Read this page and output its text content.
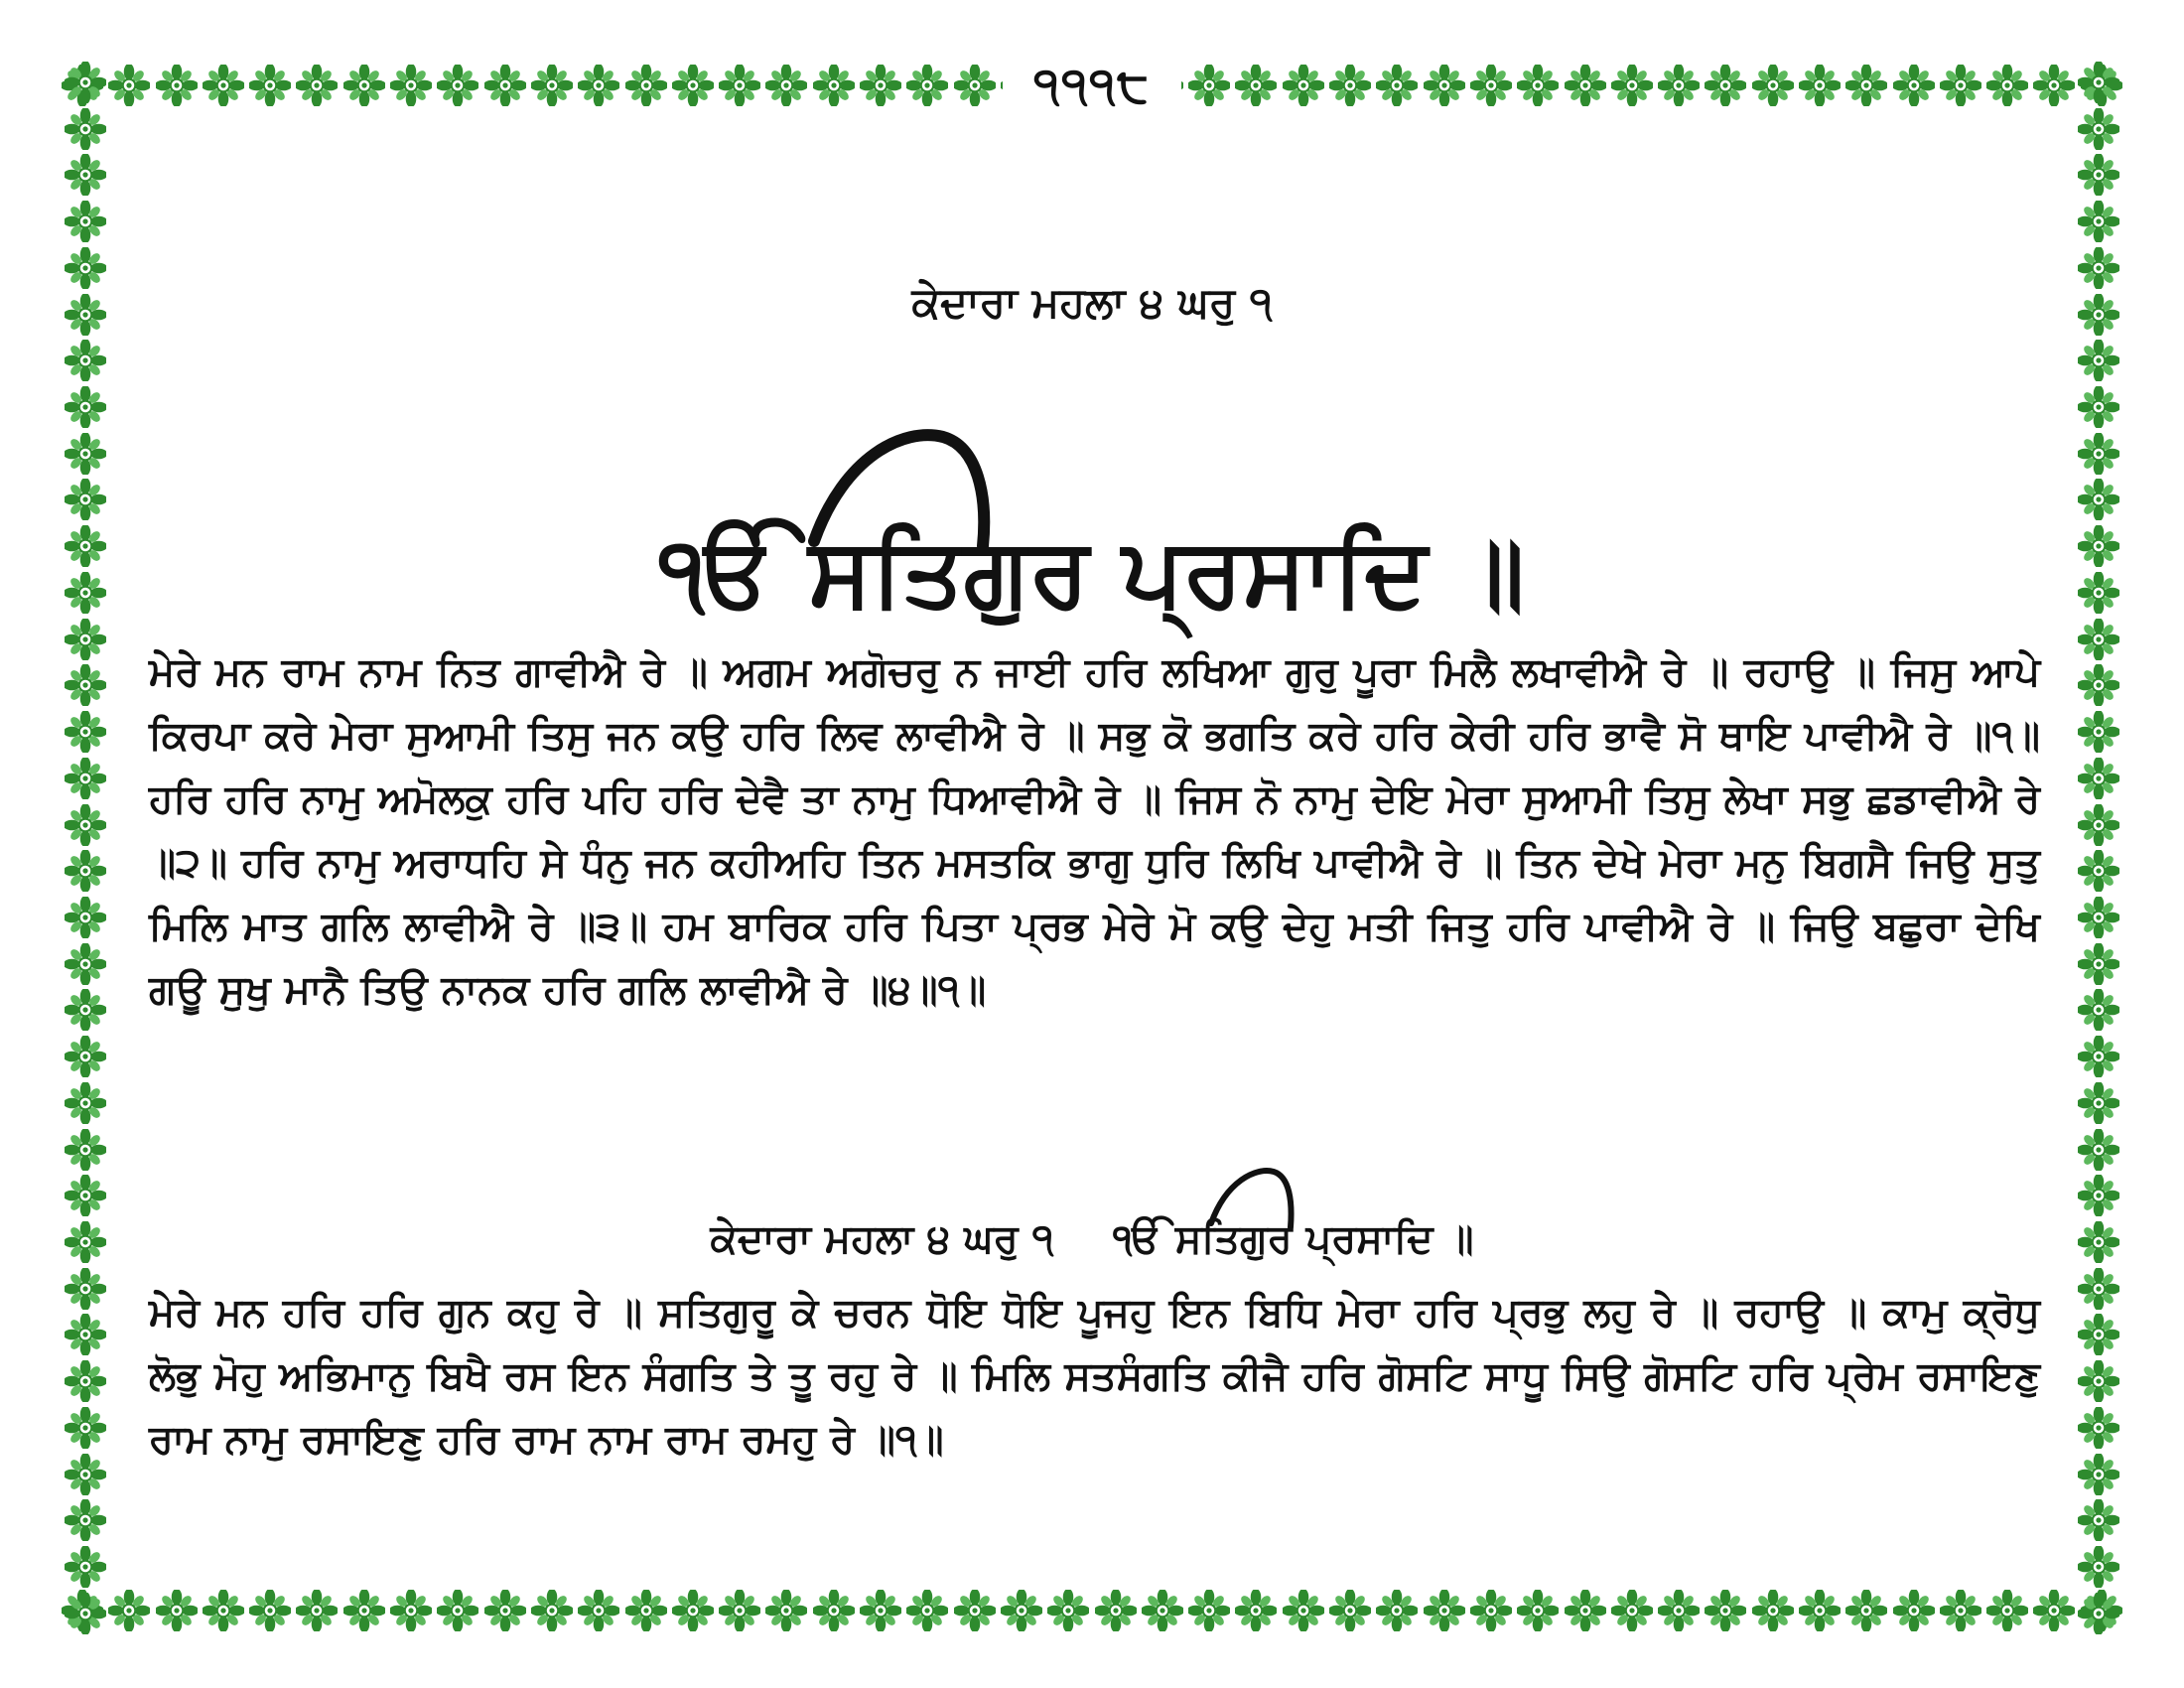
੧੧੧੮
ਕੇਦਾਰਾ ਮਹਲਾ ੪ ਘਰੁ ੧
ੴ ਸਤਿਗੁਰ ਪ੍ਰਸਾਦਿ ॥
ਮੇਰੇ ਮਨ ਰਾਮ ਨਾਮ ਨਿਤ ਗਾਵੀਐ ਰੇ ॥ ਅਗਮ ਅਗੋਚਰੁ ਨ ਜਾਈ ਹਰਿ ਲਖਿਆ ਗੁਰੁ ਪੂਰਾ ਮਿਲੈ ਲਖਾਵੀਐ ਰੇ ॥ ਰਹਾਉ ॥ ਜਿਸੁ ਆਪੇ ਕਿਰਪਾ ਕਰੇ ਮੇਰਾ ਸੁਆਮੀ ਤਿਸੁ ਜਨ ਕਉ ਹਰਿ ਲਿਵ ਲਾਵੀਐ ਰੇ ॥ ਸਭੁ ਕੋ ਭਗਤਿ ਕਰੇ ਹਰਿ ਕੇਰੀ ਹਰਿ ਭਾਵੈ ਸੋ ਥਾਇ ਪਾਵੀਐ ਰੇ ॥੧॥ ਹਰਿ ਹਰਿ ਨਾਮੁ ਅਮੋਲਕੁ ਹਰਿ ਪਹਿ ਹਰਿ ਦੇਵੈ ਤਾ ਨਾਮੁ ਧਿਆਵੀਐ ਰੇ ॥ ਜਿਸ ਨੋ ਨਾਮੁ ਦੇਇ ਮੇਰਾ ਸੁਆਮੀ ਤਿਸੁ ਲੇਖਾ ਸਭੁ ਛਡਾਵੀਐ ਰੇ ॥੨॥ ਹਰਿ ਨਾਮੁ ਅਰਾਧਹਿ ਸੇ ਧੰਨੁ ਜਨ ਕਹੀਅਹਿ ਤਿਨ ਮਸਤਕਿ ਭਾਗੁ ਧੁਰਿ ਲਿਖਿ ਪਾਵੀਐ ਰੇ ॥ ਤਿਨ ਦੇਖੇ ਮੇਰਾ ਮਨੁ ਬਿਗਸੈ ਜਿਉ ਸੁਤੁ ਮਿਲਿ ਮਾਤ ਗਲਿ ਲਾਵੀਐ ਰੇ ॥੩॥ ਹਮ ਬਾਰਿਕ ਹਰਿ ਪਿਤਾ ਪ੍ਰਭ ਮੇਰੇ ਮੋ ਕਉ ਦੇਹੁ ਮਤੀ ਜਿਤੁ ਹਰਿ ਪਾਵੀਐ ਰੇ ॥ ਜਿਉ ਬਛੁਰਾ ਦੇਖਿ ਗਊ ਸੁਖੁ ਮਾਨੈ ਤਿਉ ਨਾਨਕ ਹਰਿ ਗਲਿ ਲਾਵੀਐ ਰੇ ॥੪॥੧॥
ਕੇਦਾਰਾ ਮਹਲਾ ੪ ਘਰੁ ੧ ੴ ਸਤਿਗੁਰ ਪ੍ਰਸਾਦਿ ॥
ਮੇਰੇ ਮਨ ਹਰਿ ਹਰਿ ਗੁਨ ਕਹੁ ਰੇ ॥ ਸਤਿਗੁਰੂ ਕੇ ਚਰਨ ਧੋਇ ਧੋਇ ਪੂਜਹੁ ਇਨ ਬਿਧਿ ਮੇਰਾ ਹਰਿ ਪ੍ਰਭੁ ਲਹੁ ਰੇ ॥ ਰਹਾਉ ॥ ਕਾਮੁ ਕ੍ਰੋਧੁ ਲੋਭੁ ਮੋਹੁ ਅਭਿਮਾਨੁ ਬਿਖੈ ਰਸ ਇਨ ਸੰਗਤਿ ਤੇ ਤੂ ਰਹੁ ਰੇ ॥ ਮਿਲਿ ਸਤਸੰਗਤਿ ਕੀਜੈ ਹਰਿ ਗੋਸਟਿ ਸਾਧੂ ਸਿਉ ਗੋਸਟਿ ਹਰਿ ਪ੍ਰੇਮ ਰਸਾਇਣੁ ਰਾਮ ਨਾਮੁ ਰਸਾਇਣੁ ਹਰਿ ਰਾਮ ਨਾਮ ਰਾਮ ਰਮਹੁ ਰੇ ॥੧॥
